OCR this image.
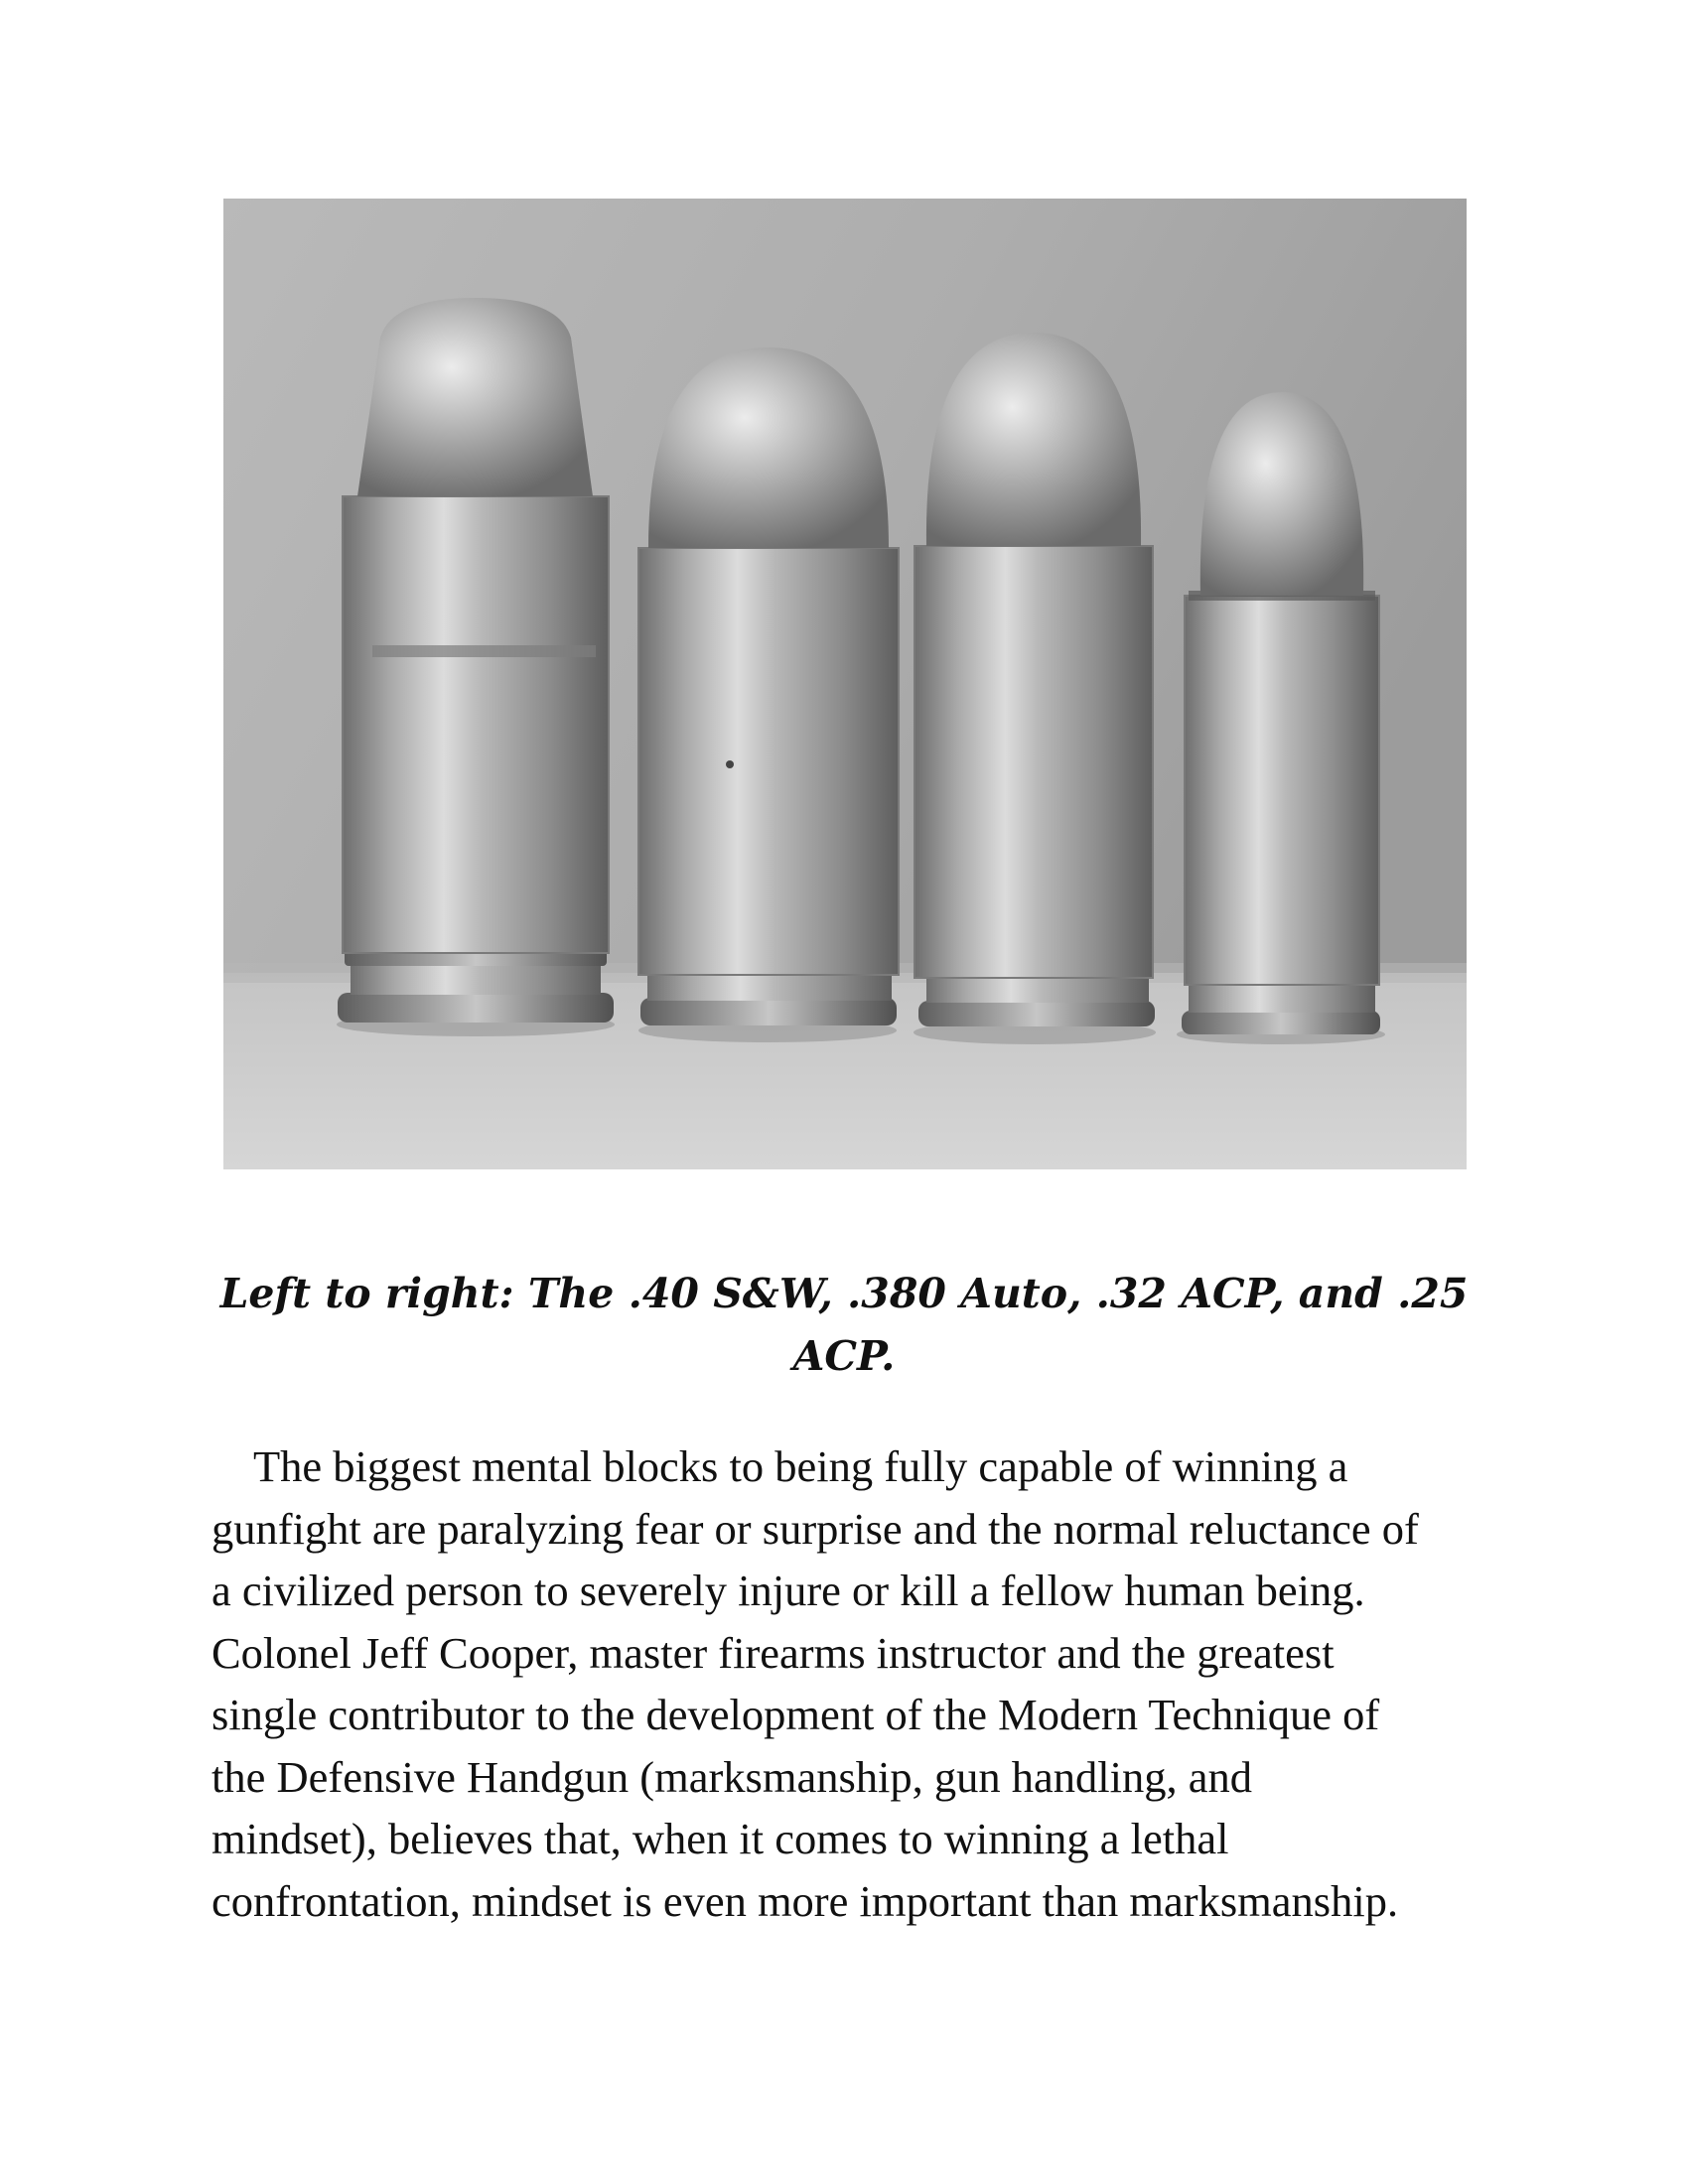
Left to right: The .40 S&W, .380 Auto, .32 ACP, and .25 ACP.

The biggest mental blocks to being fully capable of winning a
gunfight are paralyzing fear or surprise and the normal reluctance of
a civilized person to severely injure or kill a fellow human being.
Colonel Jeff Cooper, master firearms instructor and the greatest
single contributor to the development of the Modern Technique of
the Defensive Handgun (marksmanship, gun handling, and
mindset), believes that, when it comes to winning a lethal
confrontation, mindset is even more important than marksmanship.
